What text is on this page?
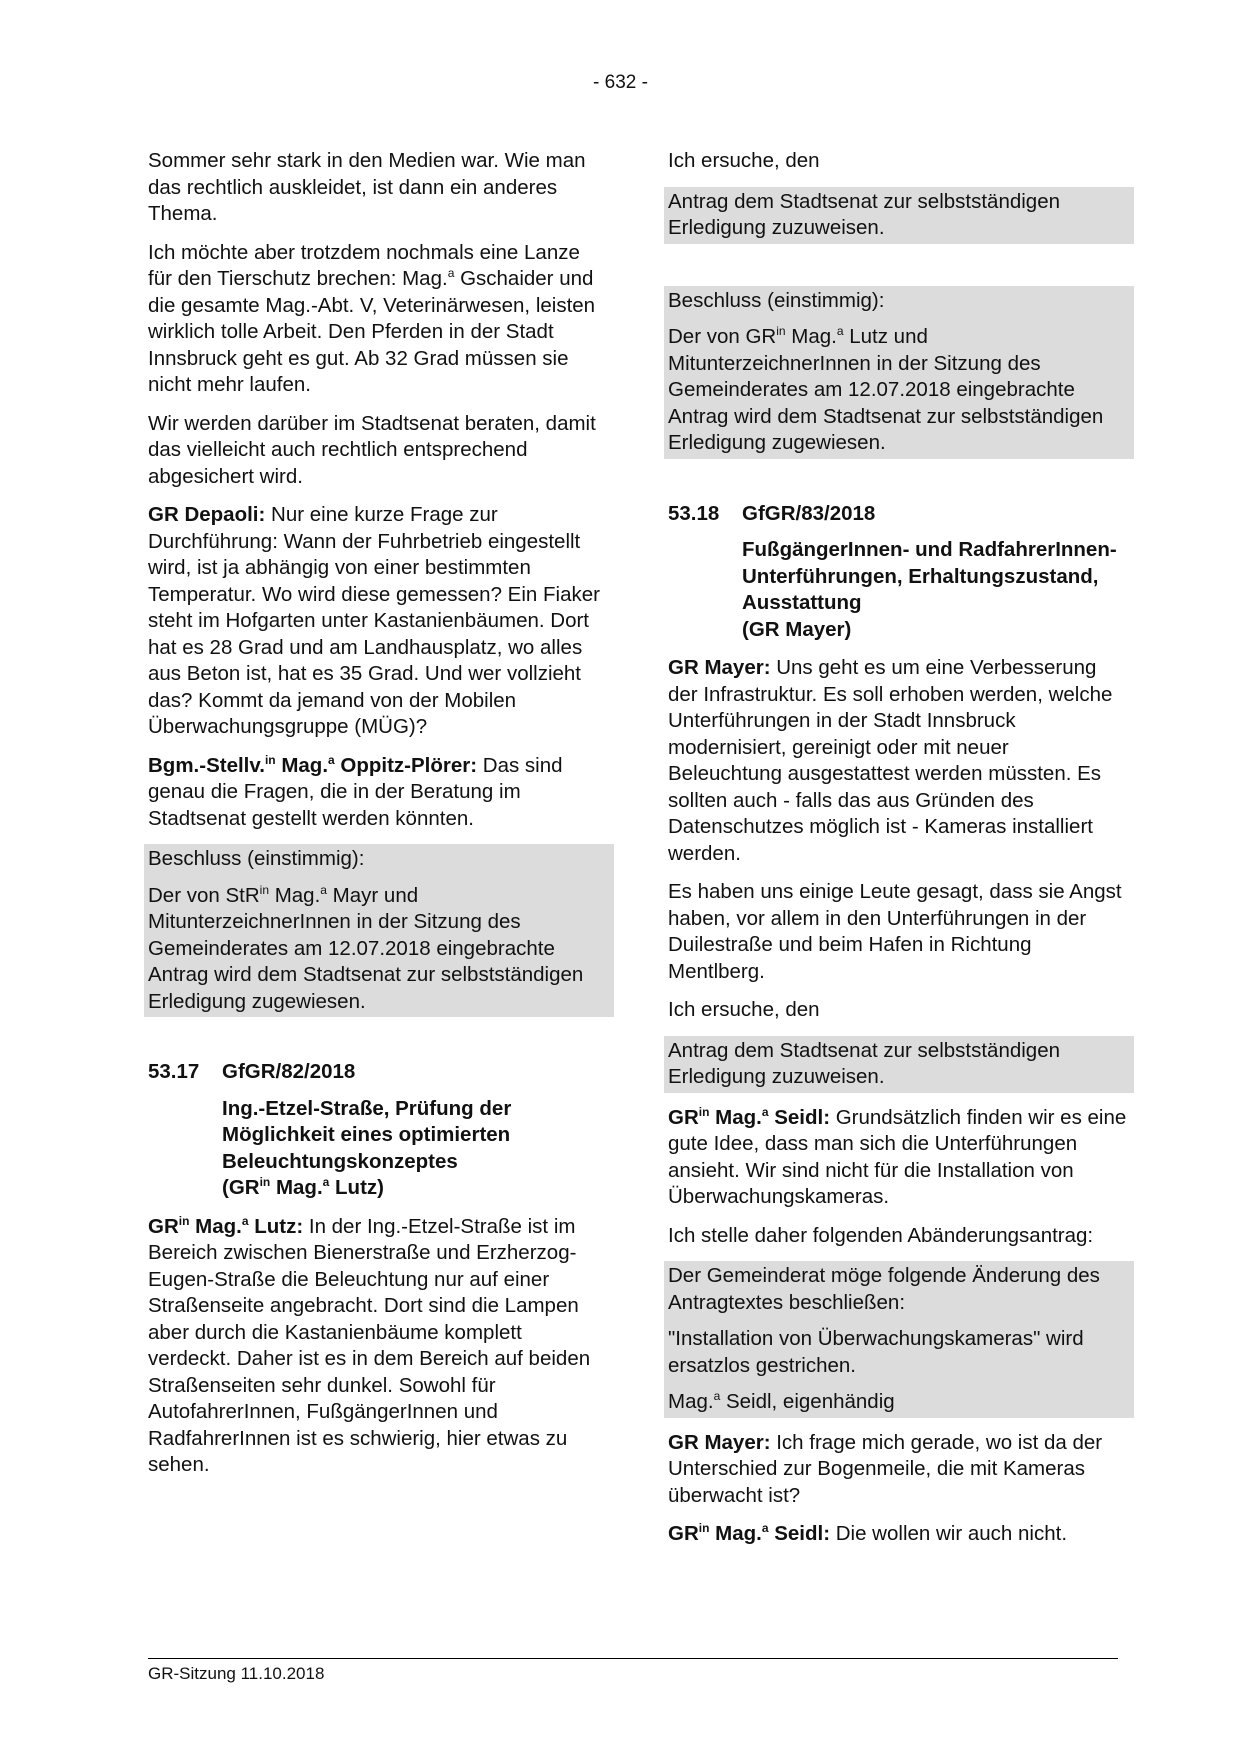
- 632 -

Sommer sehr stark in den Medien war. Wie man das rechtlich auskleidet, ist dann ein anderes Thema.

Ich möchte aber trotzdem nochmals eine Lanze für den Tierschutz brechen: Mag.$^a$ Gschaider und die gesamte Mag.-Abt. V, Veterinärwesen, leisten wirklich tolle Arbeit. Den Pferden in der Stadt Innsbruck geht es gut. Ab 32 Grad müssen sie nicht mehr laufen.

Wir werden darüber im Stadtsenat beraten, damit das vielleicht auch rechtlich entsprechend abgesichert wird.

GR Depaoli: Nur eine kurze Frage zur Durchführung: Wann der Fuhrbetrieb eingestellt wird, ist ja abhängig von einer bestimmten Temperatur. Wo wird diese gemessen? Ein Fiaker steht im Hofgarten unter Kastanienbäumen. Dort hat es 28 Grad und am Landhausplatz, wo alles aus Beton ist, hat es 35 Grad. Und wer vollzieht das? Kommt da jemand von der Mobilen Überwachungsgruppe (MÜG)?

Bgm.-Stellv.$^{in}$ Mag.$^a$ Oppitz-Plörer: Das sind genau die Fragen, die in der Beratung im Stadtsenat gestellt werden könnten.

Beschluss (einstimmig):

Der von StR$^{in}$ Mag.$^a$ Mayr und MitunterzeichnerInnen in der Sitzung des Gemeinderates am 12.07.2018 eingebrachte Antrag wird dem Stadtsenat zur selbstständigen Erledigung zugewiesen.

53.17	GfGR/82/2018
Ing.-Etzel-Straße, Prüfung der Möglichkeit eines optimierten Beleuchtungskonzeptes
($GR^{in}$ Mag.$^a$ Lutz)

$GR^{in}$ Mag.$^a$ Lutz: In der Ing.-Etzel-Straße ist im Bereich zwischen Bienerstraße und Erzherzog-Eugen-Straße die Beleuchtung nur auf einer Straßenseite angebracht. Dort sind die Lampen aber durch die Kastanienbäume komplett verdeckt. Daher ist es in dem Bereich auf beiden Straßenseiten sehr dunkel. Sowohl für AutofahrerInnen, FußgängerInnen und RadfahrerInnen ist es schwierig, hier etwas zu sehen.

Ich ersuche, den

Antrag dem Stadtsenat zur selbstständigen Erledigung zuzuweisen.

Beschluss (einstimmig):

Der von $GR^{in}$ Mag.$^a$ Lutz und MitunterzeichnerInnen in der Sitzung des Gemeinderates am 12.07.2018 eingebrachte Antrag wird dem Stadtsenat zur selbstständigen Erledigung zugewiesen.

53.18	GfGR/83/2018
FußgängerInnen- und RadfahrerInnen-Unterführungen, Erhaltungszustand, Ausstattung
(GR Mayer)

GR Mayer: Uns geht es um eine Verbesserung der Infrastruktur. Es soll erhoben werden, welche Unterführungen in der Stadt Innsbruck modernisiert, gereinigt oder mit neuer Beleuchtung ausgestattest werden müssten. Es sollten auch - falls das aus Gründen des Datenschutzes möglich ist - Kameras installiert werden.

Es haben uns einige Leute gesagt, dass sie Angst haben, vor allem in den Unterführungen in der Duilestraße und beim Hafen in Richtung Mentlberg.

Ich ersuche, den

Antrag dem Stadtsenat zur selbstständigen Erledigung zuzuweisen.

$GR^{in}$ Mag.$^a$ Seidl: Grundsätzlich finden wir es eine gute Idee, dass man sich die Unterführungen ansieht. Wir sind nicht für die Installation von Überwachungskameras.

Ich stelle daher folgenden Abänderungsantrag:

Der Gemeinderat möge folgende Änderung des Antragtextes beschließen:

"Installation von Überwachungskameras" wird ersatzlos gestrichen.

Mag.$^a$ Seidl, eigenhändig

GR Mayer: Ich frage mich gerade, wo ist da der Unterschied zur Bogenmeile, die mit Kameras überwacht ist?

$GR^{in}$ Mag.$^a$ Seidl: Die wollen wir auch nicht.

GR-Sitzung 11.10.2018
